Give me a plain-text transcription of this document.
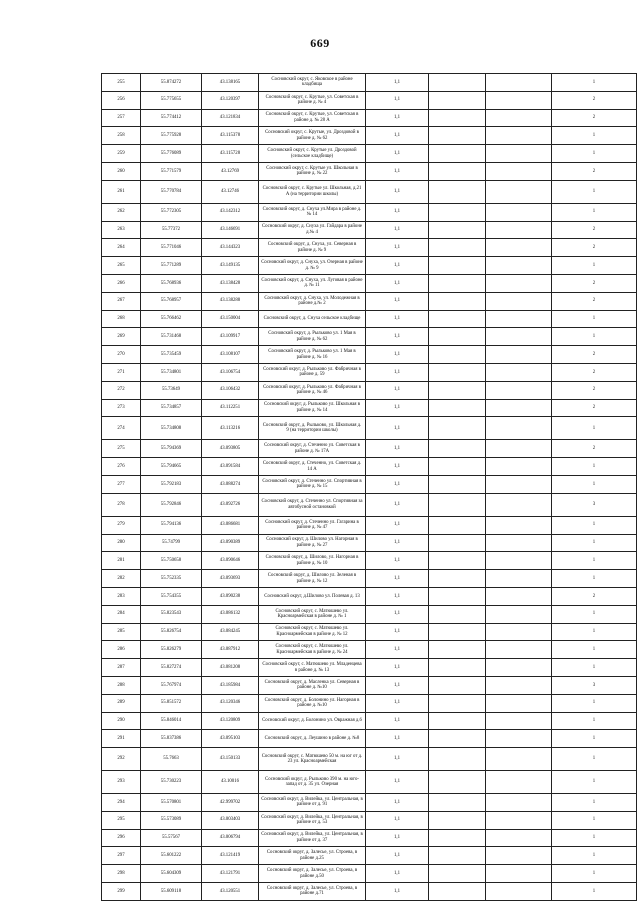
669
255	55.874272	43.138165	Сосновский округ, с. Яковское в районе кладбища	1,1			1
256	55.775655	43.120397	Сосновский округ, с. Крутые, ул. Советская в районе д. № 4	1,1			2
257	55.774412	43.121834	Сосновский округ, с. Крутые, ул. Советская в районе д. № 28 А	1,1			2
258	55.775928	43.115378	Сосновский округ, с. Крутые, ул. Дроздовой в районе д. № 62	1,1			1
259	55.776089	43.115728	Сосновский округ, с. Крутые ул. Дроздовой (сельское кладбище)	1,1			1
260	55.771579	43.12769	Сосновский округ, с. Крутые ул. Школьная в районе д. № 22	1,1			2
261	55.770784	43.12746	Сосновский округ, с. Крутые ул. Школьная, д.21 А (на территории школы)	1,1			1
262	55.772305	43.142312	Сосновский округ, д. Снуха ул.Мира в районе д. № 14	1,1			1
263	55.77372	43.146691	Сосновский округ, д. Снуха ул. Гайдара в районе д.№ 4	1,1			2
264	55.771046	43.144323	Сосновский округ, д. Снуха, ул. Северная в районе д. № 9	1,1			2
265	55.771289	43.149135	Сосновский округ, д. Снуха, ул. Озерная в районе д. № 9	1,1			1
266	55.768936	43.138428	Сосновский округ, д. Снуха, ул. Луговая в районе д. № 11	1,1			2
267	55.768957	43.138288	Сосновский округ, д. Снуха, ул. Молодежная в районе д.№ 2	1,1			2
268	55.766462	43.150004	Сосновский округ, д. Снуха сельское кладбище	1,1			1
269	55.731468	43.109917	Сосновский округ, д. Рыльково ул. 1 Мая в районе д. № 62	1,1			1
270	55.735459	43.108107	Сосновский округ, д. Рыльково ул. 1 Мая в районе д. № 16	1,1			2
271	55.734801	43.106754	Сосновский округ, д. Рыльково ул. Фабричная в районе д. 59	1,1			2
272	55.73649	43.106432	Сосновский округ, д. Рыльково ул. Фабричная в районе д. № 46	1,1			2
273	55.734857	43.112251	Сосновский округ, д. Рыльково ул. Школьная в районе д. № 14	1,1			2
274	55.734808	43.113216	Сосновский округ, д. Рыльково, ул. Школьная д. 9 (на территории школы)	1,1			1
275	55.794369	43.093805	Сосновский округ, д. Стеченно ул. Советская в районе д. № 17А	1,1			2
276	55.794665	43.091584	Сосновский округ, д. Стеченно, ул. Советская д. 14 А	1,1			1
277	55.792183	43.088274	Сосновский округ, д. Стеченно ул. Спортивная в районе д. № 15	1,1			1
278	55.792846	43.092726	Сосновский округ, д. Стеченно ул. Спортивная за автобусной остановкой	1,1			3
279	55.794136	43.086681	Сосновский округ, д. Стеченно ул. Гагарина в районе д. № 47	1,1			1
280	55.74799	43.090389	Сосновский округ, д. Шилово ул. Нагорная в районе д. № 27	1,1			1
281	55.750658	43.090646	Сосновский округ, д. Шилово, ул. Нагорная в районе д. № 10	1,1			1
282	55.752335	43.093693	Сосновский округ, д. Шилово ул. Зеленая в районе д. № 12	1,1			1
283	55.754355	43.090238	Сосновский округ, д.Шилово ул. Полевая д. 13	1,1			2
284	55.823543	43.086132	Сосновский округ, с. Матюшево ул. Красноармейская в районе д. № 1	1,1			1
285	55.826754	43.084245	Сосновский округ, с. Матюшево ул. Красноармейская в районе д. № 12	1,1			1
286	55.826279	43.087912	Сосновский округ, с. Матюшево ул. Красноармейская в районе д. № 24	1,1			1
287	55.827274	43.081208	Сосновский округ, с. Матюшево ул. Младенцева в районе д. № 13	1,1			1
288	55.767974	43.185984	Сосновский округ, д. Масленка ул. Северная в районе д. №10	1,1			3
289	55.851572	43.120346	Сосновский округ, д. Болонино ул. Нагорная в районе д. №10	1,1			1
290	55.846014	43.120809	Сосновский округ, д. Болонино ул. Овражная д.6	1,1			1
291	55.837386	43.095103	Сосновский округ, д. Леушино в районе д. №8	1,1			1
292	55.7663	43.150133	Сосновский округ, с. Матюшево 50 м. на юг от д. 23 ул. Красноармейская	1,1			1
293	55.730223	43.10016	Сосновский округ, д. Рыльково 390 м. на юго-запад от д. 35 ул. Озерная	1,1			1
294	55.570801	42.999702	Сосновский округ, д. Вилейка, ул. Центральная, в районе от д. 91	1,1			1
295	55.573089	43.003403	Сосновский округ, д. Вилейка, ул. Центральная, в районе от д. 53	1,1			1
296	55.57567	43.006794	Сосновский округ, д. Вилейка, ул. Центральная, в районе от д. 37	1,1			1
297	55.601222	43.121419	Сосновский округ, д. Залесье, ул. Строева, в районе д.25	1,1			1
298	55.604309	43.121791	Сосновский округ, д. Залесье, ул. Строева, в районе д.50	1,1			1
299	55.609118	43.120551	Сосновский округ, д. Залесье, ул. Строева, в районе д.71	1,1			1
